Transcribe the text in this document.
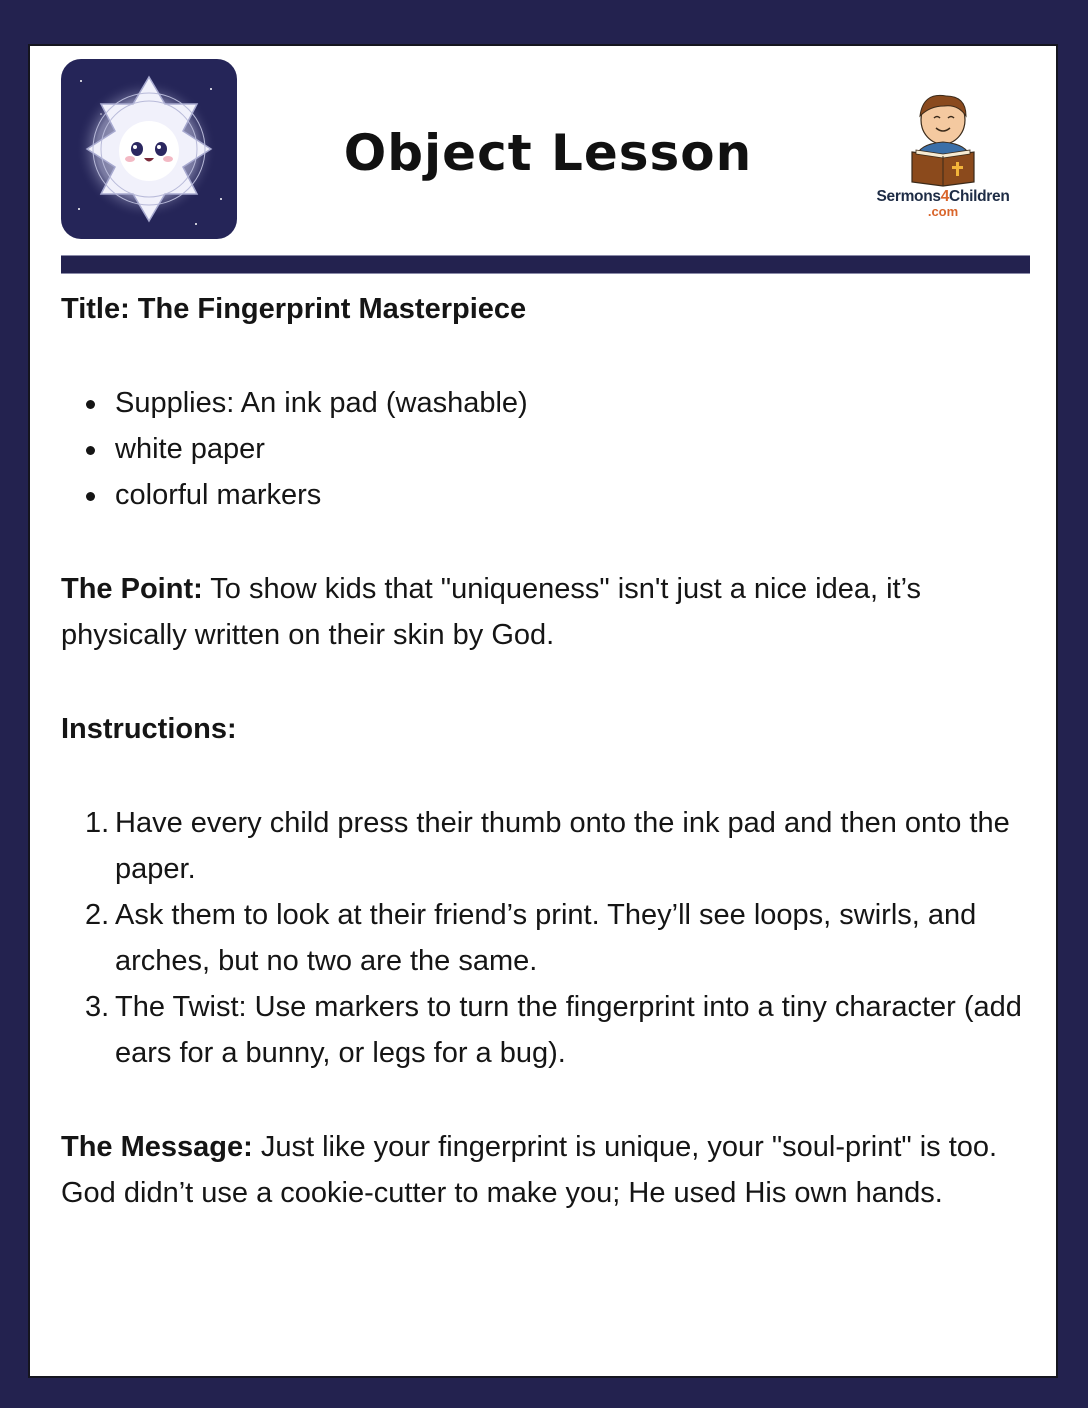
Object Lesson
Sermons4Children
.com
Title: The Fingerprint Masterpiece
Supplies: An ink pad (washable)
white paper
colorful markers

The Point: To show kids that "uniqueness" isn't just a nice idea, it’s physically written on their skin by God.

Instructions:
1. Have every child press their thumb onto the ink pad and then onto the paper.
2. Ask them to look at their friend’s print. They’ll see loops, swirls, and arches, but no two are the same.
3. The Twist: Use markers to turn the fingerprint into a tiny character (add ears for a bunny, or legs for a bug).

The Message: Just like your fingerprint is unique, your "soul-print" is too. God didn’t use a cookie-cutter to make you; He used His own hands.
